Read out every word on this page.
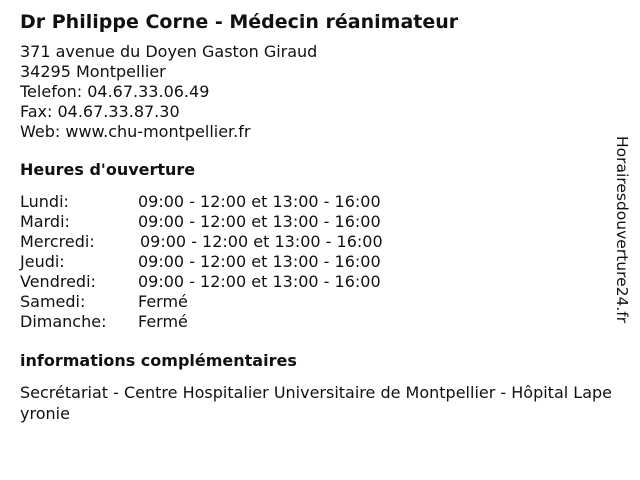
Dr Philippe Corne - Médecin réanimateur
371 avenue du Doyen Gaston Giraud
34295 Montpellier
Telefon: 04.67.33.06.49
Fax: 04.67.33.87.30
Web: www.chu-montpellier.fr
Heures d'ouverture
Lundi:	09:00 - 12:00 et 13:00 - 16:00
Mardi:	09:00 - 12:00 et 13:00 - 16:00
Mercredi:	09:00 - 12:00 et 13:00 - 16:00
Jeudi:	09:00 - 12:00 et 13:00 - 16:00
Vendredi:	09:00 - 12:00 et 13:00 - 16:00
Samedi:	Fermé
Dimanche:	Fermé
informations complémentaires
Secrétariat - Centre Hospitalier Universitaire de Montpellier - Hôpital Lapeyronie
Horairesdouverture24.fr
